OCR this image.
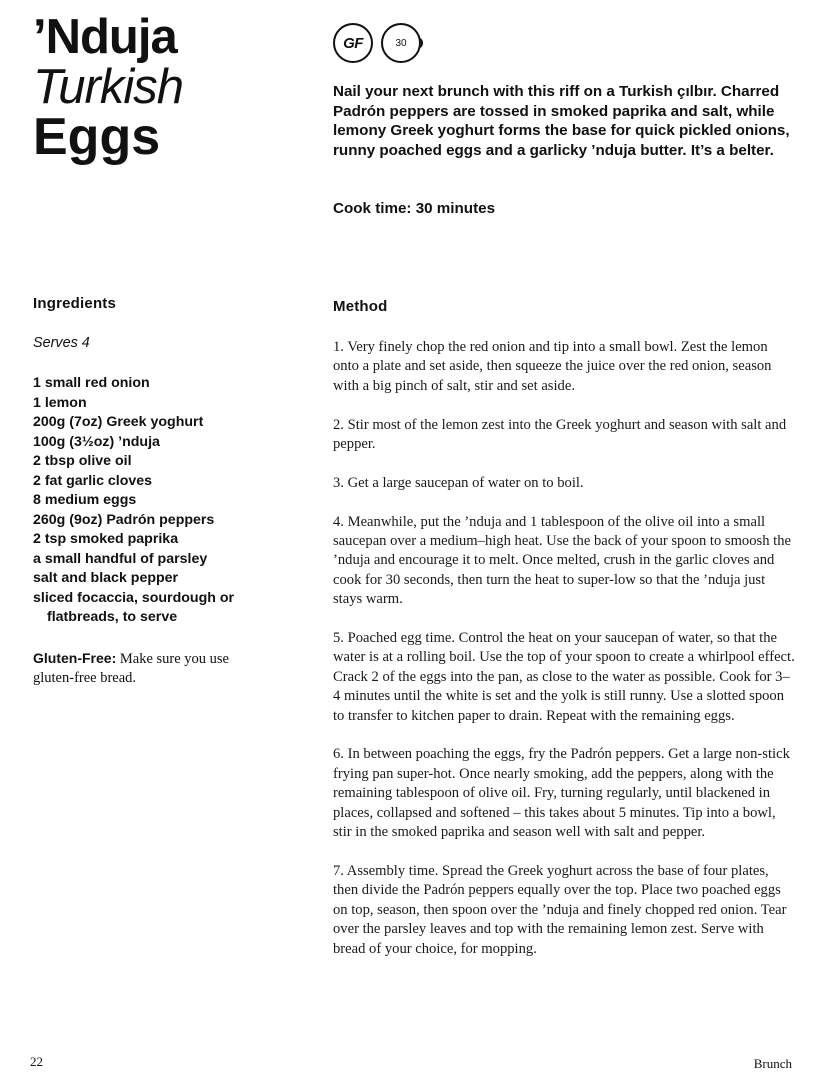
’Nduja
Turkish
Eggs
GF	30
Nail your next brunch with this riff on a Turkish çılbır. Charred Padrón peppers are tossed in smoked paprika and salt, while lemony Greek yoghurt forms the base for quick pickled onions, runny poached eggs and a garlicky ’nduja butter. It’s a belter.
Cook time: 30 minutes
Ingredients
Serves 4
1 small red onion
1 lemon
200g (7oz) Greek yoghurt
100g (3½oz) ’nduja
2 tbsp olive oil
2 fat garlic cloves
8 medium eggs
260g (9oz) Padrón peppers
2 tsp smoked paprika
a small handful of parsley
salt and black pepper
sliced focaccia, sourdough or flatbreads, to serve
Gluten-Free: Make sure you use gluten-free bread.
Method

1. Very finely chop the red onion and tip into a small bowl. Zest the lemon onto a plate and set aside, then squeeze the juice over the red onion, season with a big pinch of salt, stir and set aside.

2. Stir most of the lemon zest into the Greek yoghurt and season with salt and pepper.

3. Get a large saucepan of water on to boil.

4. Meanwhile, put the ’nduja and 1 tablespoon of the olive oil into a small saucepan over a medium–high heat. Use the back of your spoon to smoosh the ’nduja and encourage it to melt. Once melted, crush in the garlic cloves and cook for 30 seconds, then turn the heat to super-low so that the ’nduja just stays warm.

5. Poached egg time. Control the heat on your saucepan of water, so that the water is at a rolling boil. Use the top of your spoon to create a whirlpool effect. Crack 2 of the eggs into the pan, as close to the water as possible. Cook for 3–4 minutes until the white is set and the yolk is still runny. Use a slotted spoon to transfer to kitchen paper to drain. Repeat with the remaining eggs.

6. In between poaching the eggs, fry the Padrón peppers. Get a large non-stick frying pan super-hot. Once nearly smoking, add the peppers, along with the remaining tablespoon of olive oil. Fry, turning regularly, until blackened in places, collapsed and softened – this takes about 5 minutes. Tip into a bowl, stir in the smoked paprika and season well with salt and pepper.

7. Assembly time. Spread the Greek yoghurt across the base of four plates, then divide the Padrón peppers equally over the top. Place two poached eggs on top, season, then spoon over the ’nduja and finely chopped red onion. Tear over the parsley leaves and top with the remaining lemon zest. Serve with bread of your choice, for mopping.

22	Brunch
